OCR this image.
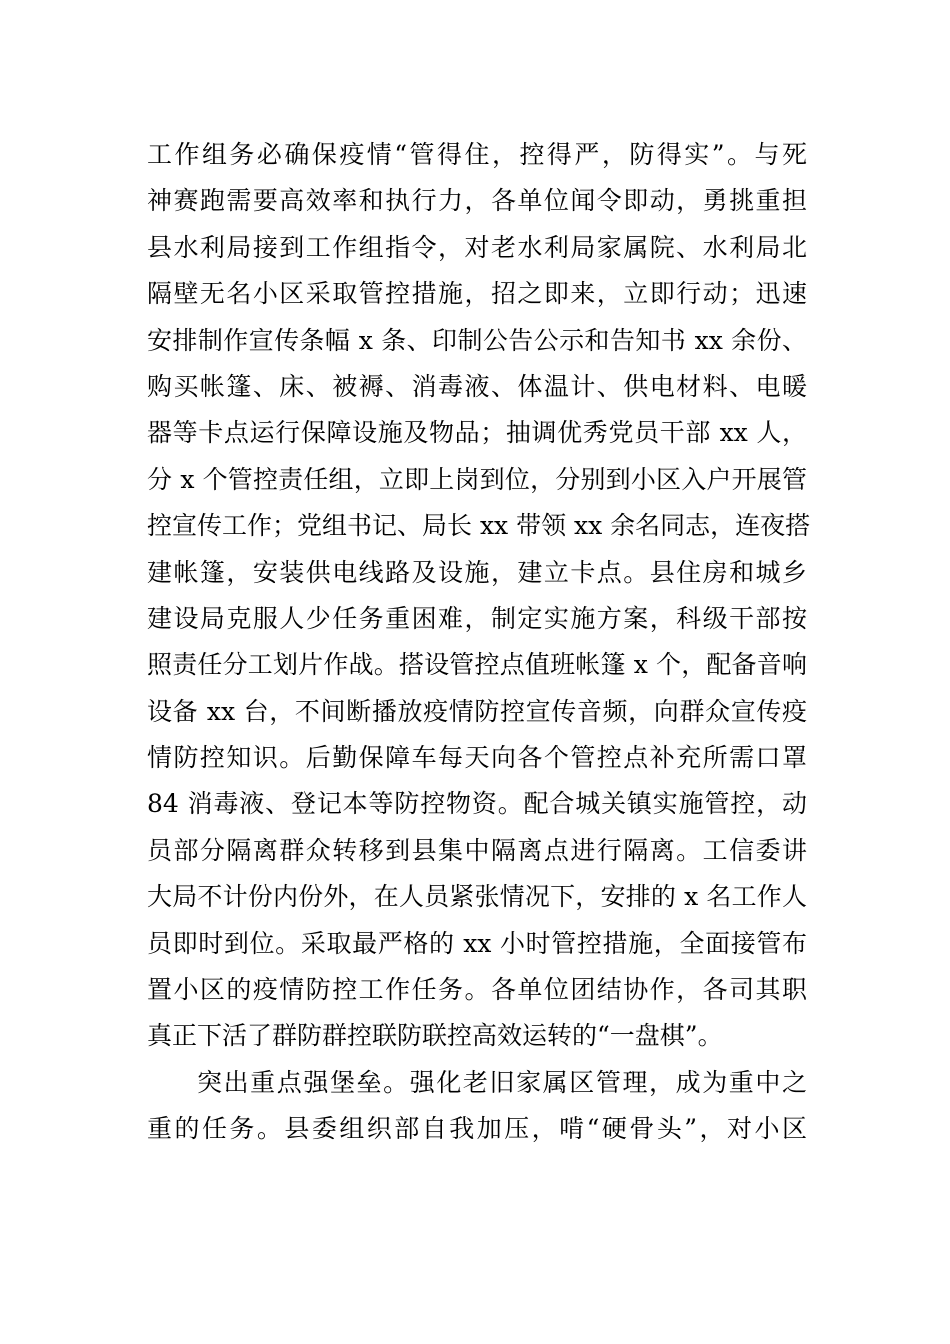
工作组务必确保疫情“管得住，控得严，防得实”。与死
神赛跑需要高效率和执行力，各单位闻令即动，勇挑重担
县水利局接到工作组指令，对老水利局家属院、水利局北
隔壁无名小区采取管控措施，招之即来，立即行动；迅速
安排制作宣传条幅 x 条、印制公告公示和告知书 xx 余份、
购买帐篷、床、被褥、消毒液、体温计、供电材料、电暖
器等卡点运行保障设施及物品；抽调优秀党员干部 xx 人，
分 x 个管控责任组，立即上岗到位，分别到小区入户开展管
控宣传工作；党组书记、局长 xx 带领 xx 余名同志，连夜搭
建帐篷，安装供电线路及设施，建立卡点。县住房和城乡
建设局克服人少任务重困难，制定实施方案，科级干部按
照责任分工划片作战。搭设管控点值班帐篷 x 个，配备音响
设备 xx 台，不间断播放疫情防控宣传音频，向群众宣传疫
情防控知识。后勤保障车每天向各个管控点补充所需口罩
84 消毒液、登记本等防控物资。配合城关镇实施管控，动
员部分隔离群众转移到县集中隔离点进行隔离。工信委讲
大局不计份内份外，在人员紧张情况下，安排的 x 名工作人
员即时到位。采取最严格的 xx 小时管控措施，全面接管布
置小区的疫情防控工作任务。各单位团结协作，各司其职
真正下活了群防群控联防联控高效运转的“一盘棋”。
突出重点强堡垒。强化老旧家属区管理，成为重中之
重的任务。县委组织部自我加压，啃“硬骨头”，对小区
